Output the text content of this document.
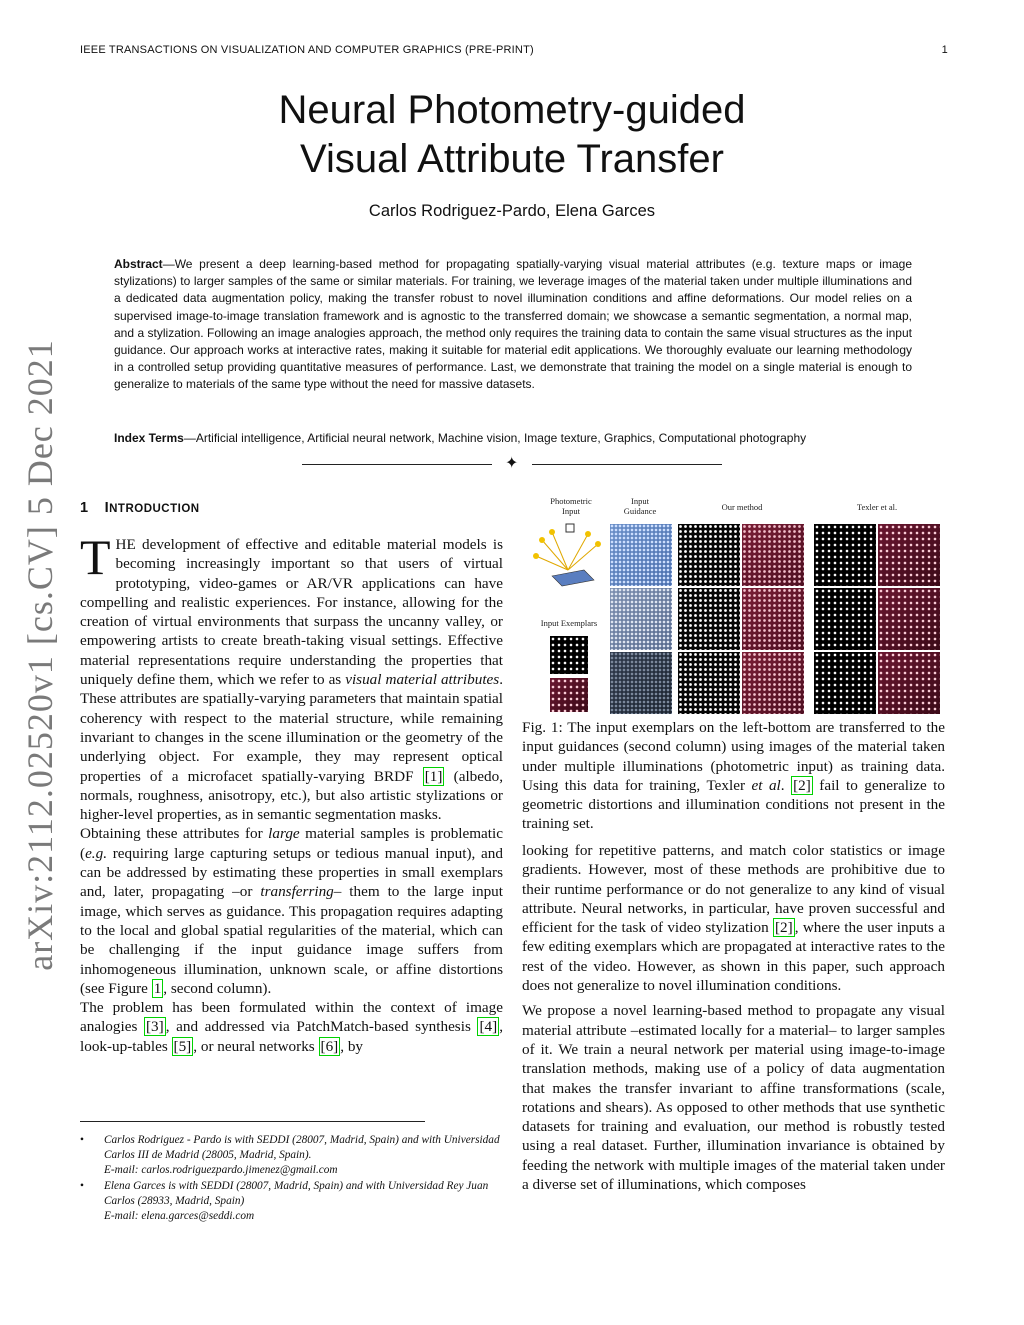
IEEE TRANSACTIONS ON VISUALIZATION AND COMPUTER GRAPHICS (PRE-PRINT)	1
arXiv:2112.02520v1 [cs.CV] 5 Dec 2021
Neural Photometry-guided
Visual Attribute Transfer
Carlos Rodriguez-Pardo, Elena Garces
Abstract—We present a deep learning-based method for propagating spatially-varying visual material attributes (e.g. texture maps or image stylizations) to larger samples of the same or similar materials. For training, we leverage images of the material taken under multiple illuminations and a dedicated data augmentation policy, making the transfer robust to novel illumination conditions and affine deformations. Our model relies on a supervised image-to-image translation framework and is agnostic to the transferred domain; we showcase a semantic segmentation, a normal map, and a stylization. Following an image analogies approach, the method only requires the training data to contain the same visual structures as the input guidance. Our approach works at interactive rates, making it suitable for material edit applications. We thoroughly evaluate our learning methodology in a controlled setup providing quantitative measures of performance. Last, we demonstrate that training the model on a single material is enough to generalize to materials of the same type without the need for massive datasets.
Index Terms—Artificial intelligence, Artificial neural network, Machine vision, Image texture, Graphics, Computational photography
✦
1 INTRODUCTION

THE development of effective and editable material models is becoming increasingly important so that users of virtual prototyping, video-games or AR/VR applications can have compelling and realistic experiences. For instance, allowing for the creation of virtual environments that surpass the uncanny valley, or empowering artists to create breath-taking visual settings. Effective material representations require understanding the properties that uniquely define them, which we refer to as visual material attributes. These attributes are spatially-varying parameters that maintain spatial coherency with respect to the material structure, while remaining invariant to changes in the scene illumination or the geometry of the underlying object. For example, they may represent optical properties of a microfacet spatially-varying BRDF [1] (albedo, normals, roughness, anisotropy, etc.), but also artistic stylizations or higher-level properties, as in semantic segmentation masks.

Obtaining these attributes for large material samples is problematic (e.g. requiring large capturing setups or tedious manual input), and can be addressed by estimating these properties in small exemplars and, later, propagating –or transferring– them to the large input image, which serves as guidance. This propagation requires adapting to the local and global spatial regularities of the material, which can be challenging if the input guidance image suffers from inhomogeneous illumination, unknown scale, or affine distortions (see Figure 1 , second column).

The problem has been formulated within the context of image analogies [3] , and addressed via PatchMatch-based synthesis [4] , look-up-tables [5] , or neural networks [6] , by

• Carlos Rodriguez - Pardo is with SEDDI (28007, Madrid, Spain) and with Universidad Carlos III de Madrid (28005, Madrid, Spain).
E-mail: carlos.rodriguezpardo.jimenez@gmail.com
• Elena Garces is with SEDDI (28007, Madrid, Spain) and with Universidad Rey Juan Carlos (28933, Madrid, Spain)
E-mail: elena.garces@seddi.com
Photometric
Input
Input
Guidance	Our method	Texler et al.
Input Exemplars
Fig. 1: The input exemplars on the left-bottom are transferred to the input guidances (second column) using images of the material taken under multiple illuminations (photometric input) as training data. Using this data for training, Texler et al. [2] fail to generalize to geometric distortions and illumination conditions not present in the training set.

looking for repetitive patterns, and match color statistics or image gradients. However, most of these methods are prohibitive due to their runtime performance or do not generalize to any kind of visual attribute. Neural networks, in particular, have proven successful and efficient for the task of video stylization [2] , where the user inputs a few editing exemplars which are propagated at interactive rates to the rest of the video. However, as shown in this paper, such approach does not generalize to novel illumination conditions.

We propose a novel learning-based method to propagate any visual material attribute –estimated locally for a material– to larger samples of it. We train a neural network per material using image-to-image translation methods, making use of a policy of data augmentation that makes the transfer invariant to affine transformations (scale, rotations and shears). As opposed to other methods that use synthetic datasets for training and evaluation, our method is robustly tested using a real dataset. Further, illumination invariance is obtained by feeding the network with multiple images of the material taken under a diverse set of illuminations, which composes
